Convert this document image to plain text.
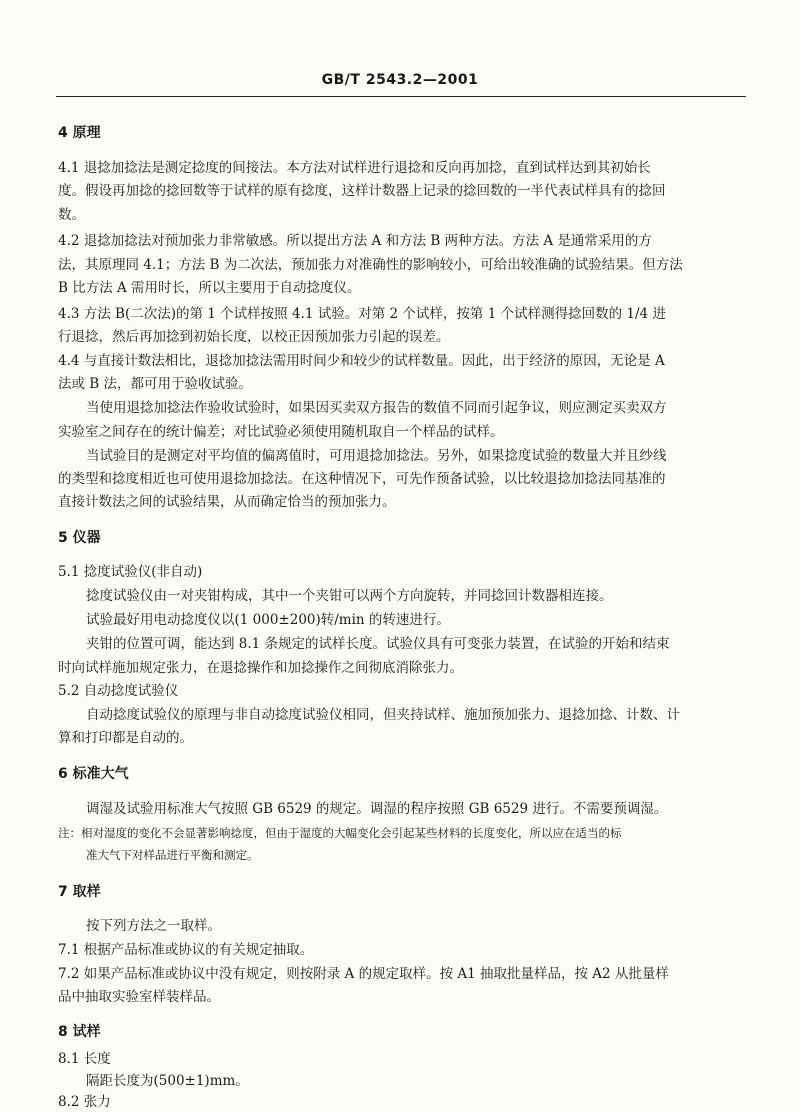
GB/T 2543.2—2001
4 原理
4.1 退捻加捻法是测定捻度的间接法。本方法对试样进行退捻和反向再加捻，直到试样达到其初始长
度。假设再加捻的捻回数等于试样的原有捻度，这样计数器上记录的捻回数的一半代表试样具有的捻回
数。
4.2 退捻加捻法对预加张力非常敏感。所以提出方法 A 和方法 B 两种方法。方法 A 是通常采用的方
法，其原理同 4.1；方法 B 为二次法，预加张力对准确性的影响较小，可给出较准确的试验结果。但方法
B 比方法 A 需用时长，所以主要用于自动捻度仪。
4.3 方法 B(二次法)的第 1 个试样按照 4.1 试验。对第 2 个试样，按第 1 个试样测得捻回数的 1/4 进
行退捻，然后再加捻到初始长度，以校正因预加张力引起的误差。
4.4 与直接计数法相比，退捻加捻法需用时间少和较少的试样数量。因此，出于经济的原因，无论是 A
法或 B 法，都可用于验收试验。
当使用退捻加捻法作验收试验时，如果因买卖双方报告的数值不同而引起争议，则应测定买卖双方
实验室之间存在的统计偏差；对比试验必须使用随机取自一个样品的试样。
当试验目的是测定对平均值的偏离值时，可用退捻加捻法。另外，如果捻度试验的数量大并且纱线
的类型和捻度相近也可使用退捻加捻法。在这种情况下，可先作预备试验，以比较退捻加捻法同基准的
直接计数法之间的试验结果，从而确定恰当的预加张力。
5 仪器
5.1 捻度试验仪(非自动)
捻度试验仪由一对夹钳构成，其中一个夹钳可以两个方向旋转，并同捻回计数器相连接。
试验最好用电动捻度仪以(1 000±200)转/min 的转速进行。
夹钳的位置可调，能达到 8.1 条规定的试样长度。试验仪具有可变张力装置，在试验的开始和结束
时向试样施加规定张力，在退捻操作和加捻操作之间彻底消除张力。
5.2 自动捻度试验仪
自动捻度试验仪的原理与非自动捻度试验仪相同，但夹持试样、施加预加张力、退捻加捻、计数、计
算和打印都是自动的。
6 标准大气
调湿及试验用标准大气按照 GB 6529 的规定。调湿的程序按照 GB 6529 进行。不需要预调湿。
注：相对湿度的变化不会显著影响捻度，但由于湿度的大幅变化会引起某些材料的长度变化，所以应在适当的标
准大气下对样品进行平衡和测定。
7 取样
按下列方法之一取样。
7.1 根据产品标准或协议的有关规定抽取。
7.2 如果产品标准或协议中没有规定，则按附录 A 的规定取样。按 A1 抽取批量样品，按 A2 从批量样
品中抽取实验室样装样品。
8 试样
8.1 长度
隔距长度为(500±1)mm。
8.2 张力
